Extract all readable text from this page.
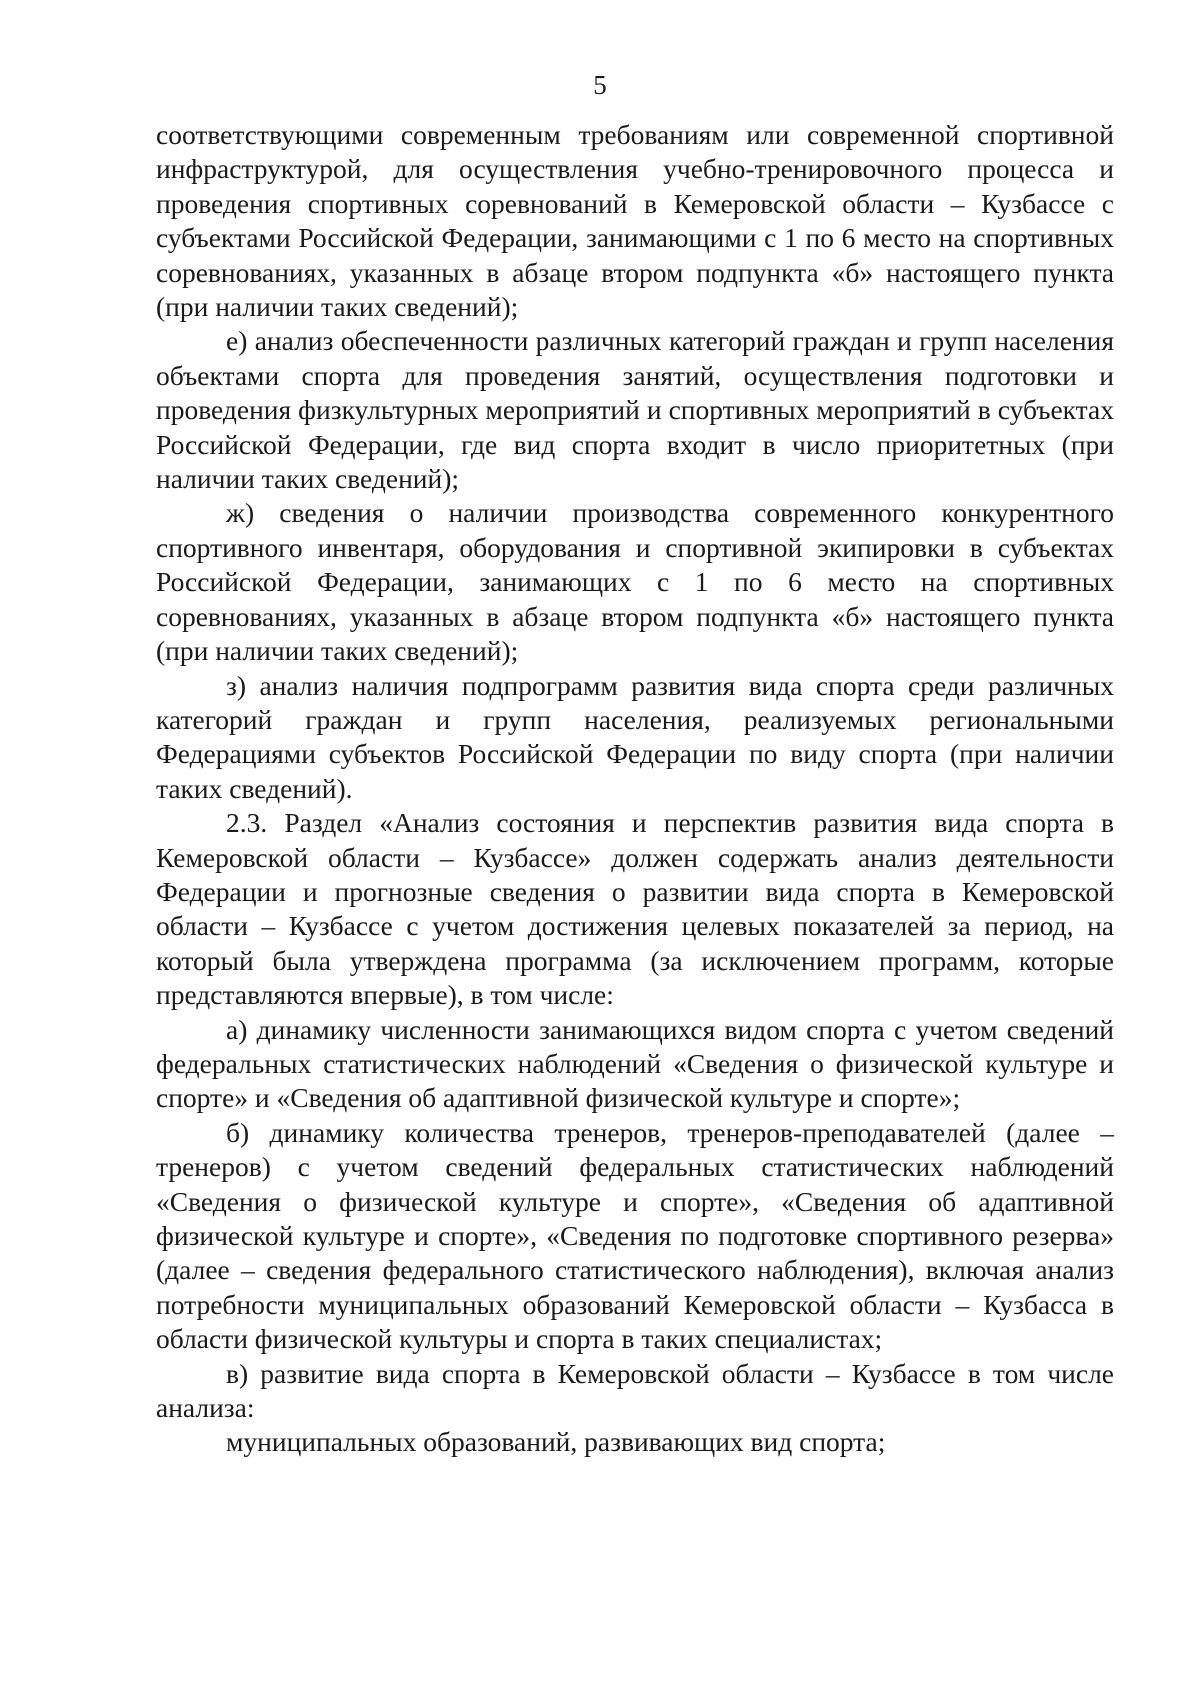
5

соответствующими современным требованиям или современной спортивной инфраструктурой, для осуществления учебно-тренировочного процесса и проведения спортивных соревнований в Кемеровской области – Кузбассе с субъектами Российской Федерации, занимающими с 1 по 6 место на спортивных соревнованиях, указанных в абзаце втором подпункта «б» настоящего пункта (при наличии таких сведений);

е) анализ обеспеченности различных категорий граждан и групп населения объектами спорта для проведения занятий, осуществления подготовки и проведения физкультурных мероприятий и спортивных мероприятий в субъектах Российской Федерации, где вид спорта входит в число приоритетных (при наличии таких сведений);

ж) сведения о наличии производства современного конкурентного спортивного инвентаря, оборудования и спортивной экипировки в субъектах Российской Федерации, занимающих с 1 по 6 место на спортивных соревнованиях, указанных в абзаце втором подпункта «б» настоящего пункта (при наличии таких сведений);

з) анализ наличия подпрограмм развития вида спорта среди различных категорий граждан и групп населения, реализуемых региональными Федерациями субъектов Российской Федерации по виду спорта (при наличии таких сведений).

2.3. Раздел «Анализ состояния и перспектив развития вида спорта в Кемеровской области – Кузбассе» должен содержать анализ деятельности Федерации и прогнозные сведения о развитии вида спорта в Кемеровской области – Кузбассе с учетом достижения целевых показателей за период, на который была утверждена программа (за исключением программ, которые представляются впервые), в том числе:

а) динамику численности занимающихся видом спорта с учетом сведений федеральных статистических наблюдений «Сведения о физической культуре и спорте» и «Сведения об адаптивной физической культуре и спорте»;

б) динамику количества тренеров, тренеров-преподавателей (далее – тренеров) с учетом сведений федеральных статистических наблюдений «Сведения о физической культуре и спорте», «Сведения об адаптивной физической культуре и спорте», «Сведения по подготовке спортивного резерва» (далее – сведения федерального статистического наблюдения), включая анализ потребности муниципальных образований Кемеровской области – Кузбасса в области физической культуры и спорта в таких специалистах;

в) развитие вида спорта в Кемеровской области – Кузбассе в том числе анализа:

муниципальных образований, развивающих вид спорта;
